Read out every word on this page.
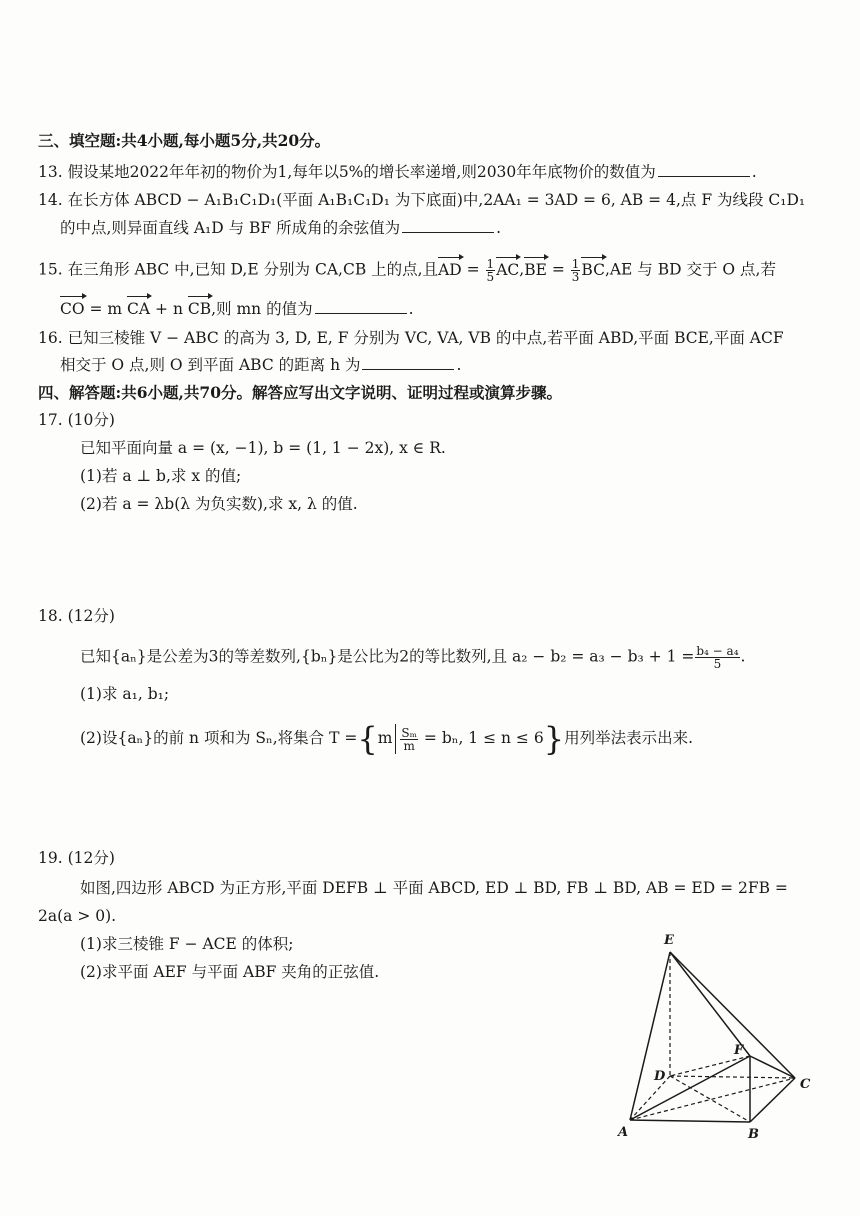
三、填空题:共4小题,每小题5分,共20分。
13. 假设某地2022年年初的物价为1,每年以5%的增长率递增,则2030年年底物价的数值为	.
14. 在长方体 ABCD − A₁B₁C₁D₁(平面 A₁B₁C₁D₁ 为下底面)中,2AA₁ = 3AD = 6, AB = 4,点 F 为线段 C₁D₁
的中点,则异面直线 A₁D 与 BF 所成角的余弦值为	.
15. 在三角形 ABC 中,已知 D,E 分别为 CA,CB 上的点,且AD = $\frac{1}{5} AC,BE = \frac{1}{3} BC,AE$ 与 BD 交于 O 点,若
CO = m CA + n CB,则 mn 的值为	.
16. 已知三棱锥 V − ABC 的高为 3, D, E, F 分别为 VC, VA, VB 的中点,若平面 ABD,平面 BCE,平面 ACF
相交于 O 点,则 O 到平面 ABC 的距离 h 为	.
四、解答题:共6小题,共70分。解答应写出文字说明、证明过程或演算步骤。
17. (10分)
已知平面向量 a = (x, −1), b = (1, 1 − 2x), x ∈ R.
(1)若 a ⊥ b,求 x 的值;
(2)若 a = λb(λ 为负实数),求 x, λ 的值.
18. (12分)
已知{aₙ}是公差为3的等差数列,{bₙ}是公比为2的等比数列,且 $a_2 - b_2 = a_3 - b_3 + 1 = \frac{\text{b₄ − a₄}}{5}$ .
(1)求 a₁, b₁;
(2)设{aₙ}的前 n 项和为 Sₙ,将集合 $T =\{m \frac{\text{Sₘ}}{m} = b_n$, 1 ≤ n ≤ 6}用列举法表示出来.
19. (12分)
如图,四边形 ABCD 为正方形,平面 DEFB ⊥ 平面 ABCD, ED ⊥ BD, FB ⊥ BD, AB = ED = 2FB =
2a(a > 0).
(1)求三棱锥 F − ACE 的体积;
(2)求平面 AEF 与平面 ABF 夹角的正弦值.
E
F
D
C
A	B
